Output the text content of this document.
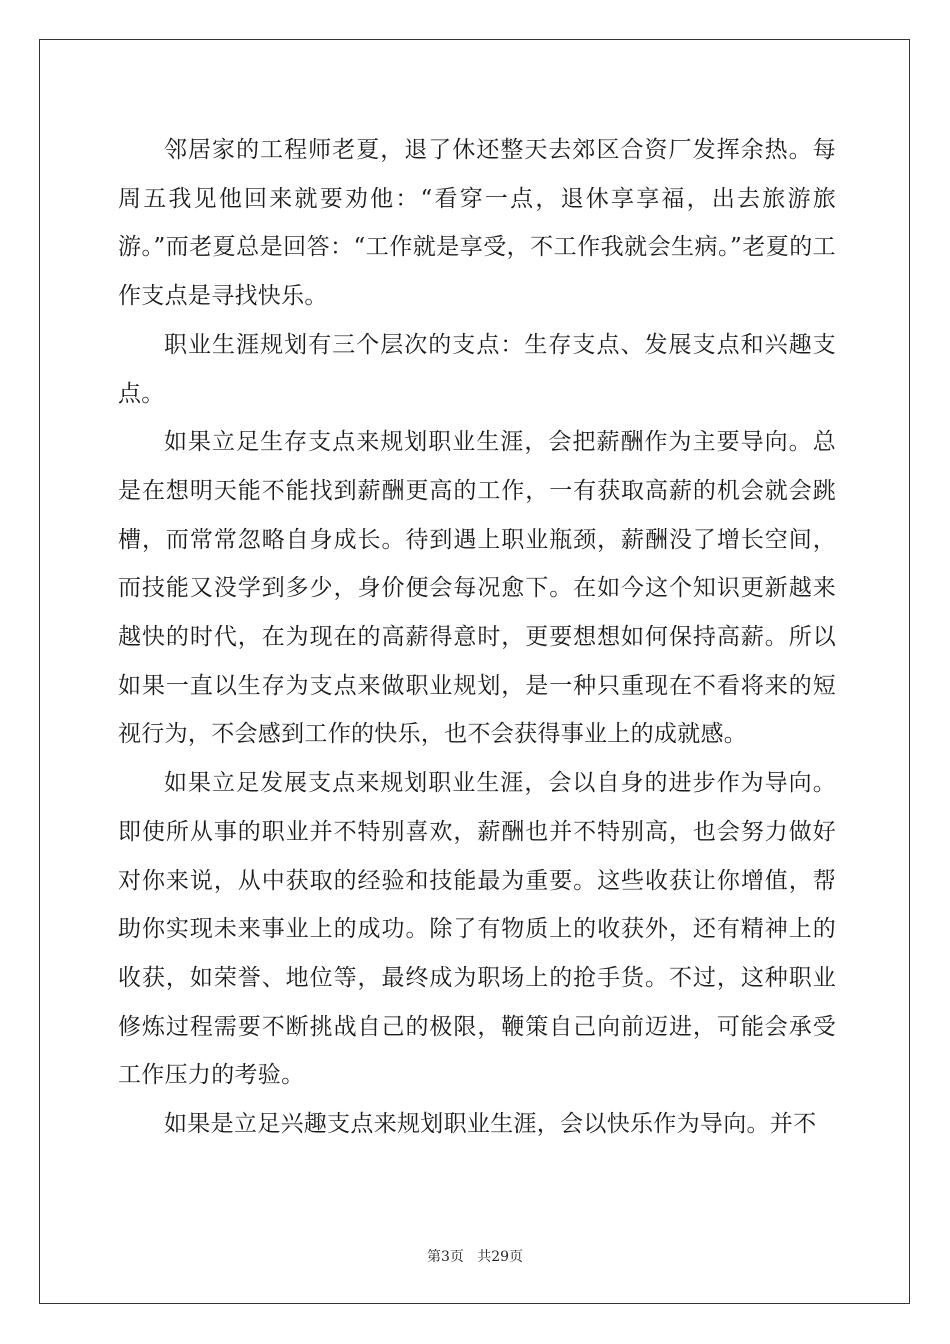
邻居家的工程师老夏，退了休还整天去郊区合资厂发挥余热。每周五我见他回来就要劝他：“看穿一点，退休享享福，出去旅游旅游。”而老夏总是回答：“工作就是享受，不工作我就会生病。”老夏的工作支点是寻找快乐。

职业生涯规划有三个层次的支点：生存支点、发展支点和兴趣支点。

如果立足生存支点来规划职业生涯，会把薪酬作为主要导向。总是在想明天能不能找到薪酬更高的工作，一有获取高薪的机会就会跳槽，而常常忽略自身成长。待到遇上职业瓶颈，薪酬没了增长空间，而技能又没学到多少，身价便会每况愈下。在如今这个知识更新越来越快的时代，在为现在的高薪得意时，更要想想如何保持高薪。所以如果一直以生存为支点来做职业规划，是一种只重现在不看将来的短视行为，不会感到工作的快乐，也不会获得事业上的成就感。

如果立足发展支点来规划职业生涯，会以自身的进步作为导向。即使所从事的职业并不特别喜欢，薪酬也并不特别高，也会努力做好对你来说，从中获取的经验和技能最为重要。这些收获让你增值，帮助你实现未来事业上的成功。除了有物质上的收获外，还有精神上的收获，如荣誉、地位等，最终成为职场上的抢手货。不过，这种职业修炼过程需要不断挑战自己的极限，鞭策自己向前迈进，可能会承受工作压力的考验。

如果是立足兴趣支点来规划职业生涯，会以快乐作为导向。并不

第3页   共29页
